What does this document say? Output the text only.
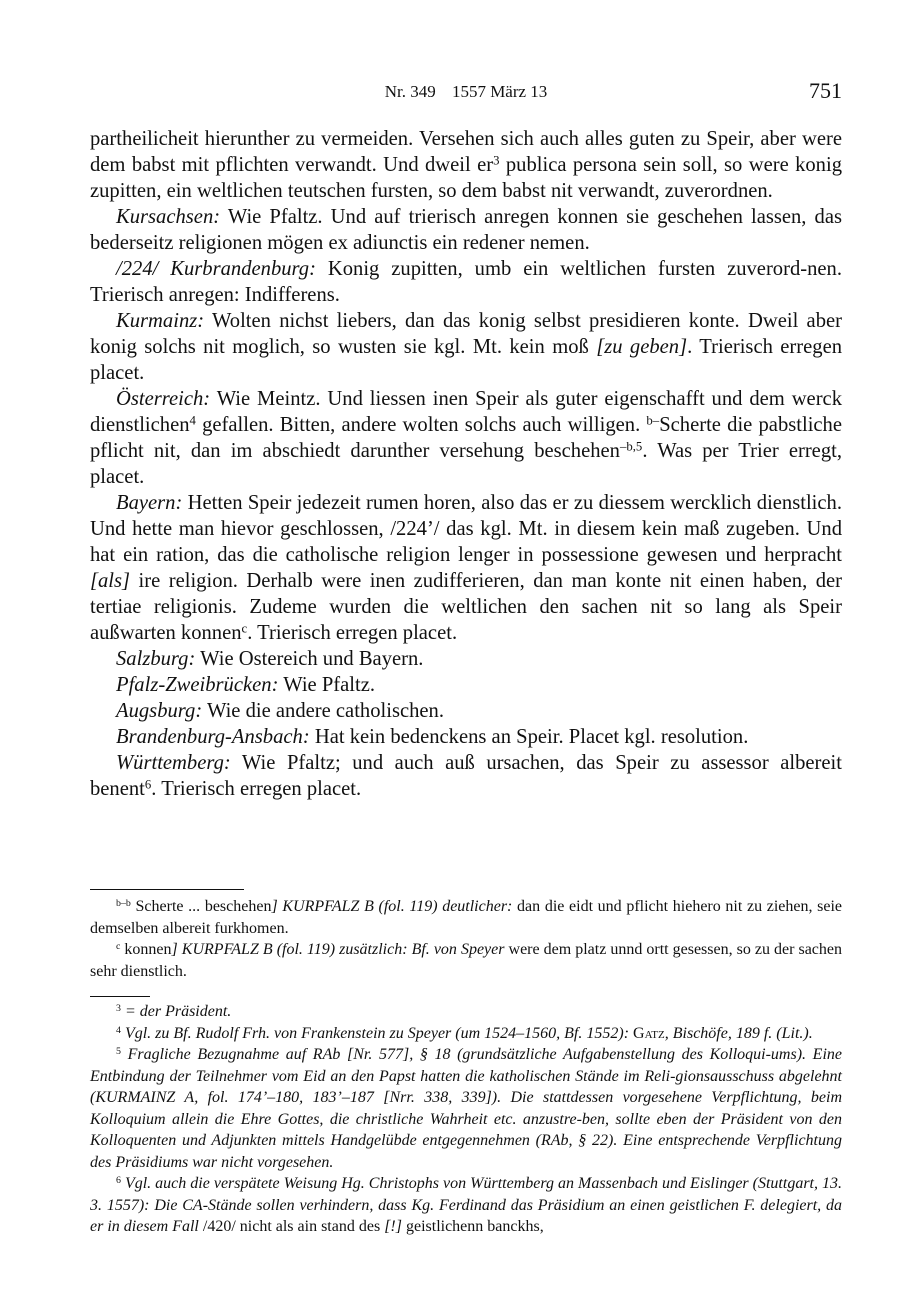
Nr. 349 1557 März 13	751

partheilicheit hierunther zu vermeiden. Versehen sich auch alles guten zu Speir, aber were dem babst mit pflichten verwandt. Und dweil $er^3$ publica persona sein soll, so were konig zupitten, ein weltlichen teutschen fursten, so dem babst nit verwandt, zuverordnen.

Kursachsen: Wie Pfaltz. Und auf trierisch anregen konnen sie geschehen lassen, das bederseitz religionen mögen ex adiunctis ein redener nemen.

/224/ Kurbrandenburg: Konig zupitten, umb ein weltlichen fursten zuverord-nen. Trierisch anregen: Indifferens.

Kurmainz: Wolten nichst liebers, dan das konig selbst presidieren konte. Dweil aber konig solchs nit moglich, so wusten sie kgl. Mt. kein moß [zu geben]. Trierisch erregen placet.

Österreich: Wie Meintz. Und liessen inen Speir als guter eigenschafft und dem werck dienstlichen$^4$ gefallen. Bitten, andere wolten solchs auch willigen. $^{b-}$Scherte die pabstliche pflicht nit, dan im abschiedt darunther versehung beschehen$^{-b,5}$. Was per Trier erregt, placet.

Bayern: Hetten Speir jedezeit rumen horen, also das er zu diessem wercklich dienstlich. Und hette man hievor geschlossen, /224’/ das kgl. Mt. in diesem kein maß zugeben. Und hat ein ration, das die catholische religion lenger in possessione gewesen und herpracht [als] ire religion. Derhalb were inen zudifferieren, dan man konte nit einen haben, der tertiae religionis. Zudeme wurden die weltlichen den sachen nit so lang als Speir außwarten konnen$^c$. Trierisch erregen placet.

Salzburg: Wie Ostereich und Bayern.

Pfalz-Zweibrücken: Wie Pfaltz.

Augsburg: Wie die andere catholischen.

Brandenburg-Ansbach: Hat kein bedenckens an Speir. Placet kgl. resolution.

Württemberg: Wie Pfaltz; und auch auß ursachen, das Speir zu assessor albereit benent$^6$. Trierisch erregen placet.

$^{b-b}$ Scherte ... beschehen] KURPFALZ B (fol. 119) deutlicher: dan die eidt und pflicht hiehero nit zu ziehen, seie demselben albereit furkhomen.

$^c$ konnen] KURPFALZ B (fol. 119) zusätzlich: Bf. von Speyer were dem platz unnd ortt gesessen, so zu der sachen sehr dienstlich.

$^3$ = der Präsident.

$^4$ Vgl. zu Bf. Rudolf Frh. von Frankenstein zu Speyer (um 1524–1560, Bf. 1552): Gatz, Bischöfe, 189 f. (Lit.).

$^5$ Fragliche Bezugnahme auf RAb [Nr. 577], § 18 (grundsätzliche Aufgabenstellung des Kolloqui-ums). Eine Entbindung der Teilnehmer vom Eid an den Papst hatten die katholischen Stände im Reli-gionsausschuss abgelehnt (KURMAINZ A, fol. 174’–180, 183’–187 [Nrr. 338, 339]). Die stattdessen vorgesehene Verpflichtung, beim Kolloquium allein die Ehre Gottes, die christliche Wahrheit etc. anzustre-ben, sollte eben der Präsident von den Kolloquenten und Adjunkten mittels Handgelübde entgegennehmen (RAb, § 22). Eine entsprechende Verpflichtung des Präsidiums war nicht vorgesehen.

$^6$ Vgl. auch die verspätete Weisung Hg. Christophs von Württemberg an Massenbach und Eislinger (Stuttgart, 13. 3. 1557): Die CA-Stände sollen verhindern, dass Kg. Ferdinand das Präsidium an einen geistlichen F. delegiert, da er in diesem Fall /420/ nicht als ain stand des [!] geistlichenn banckhs,
